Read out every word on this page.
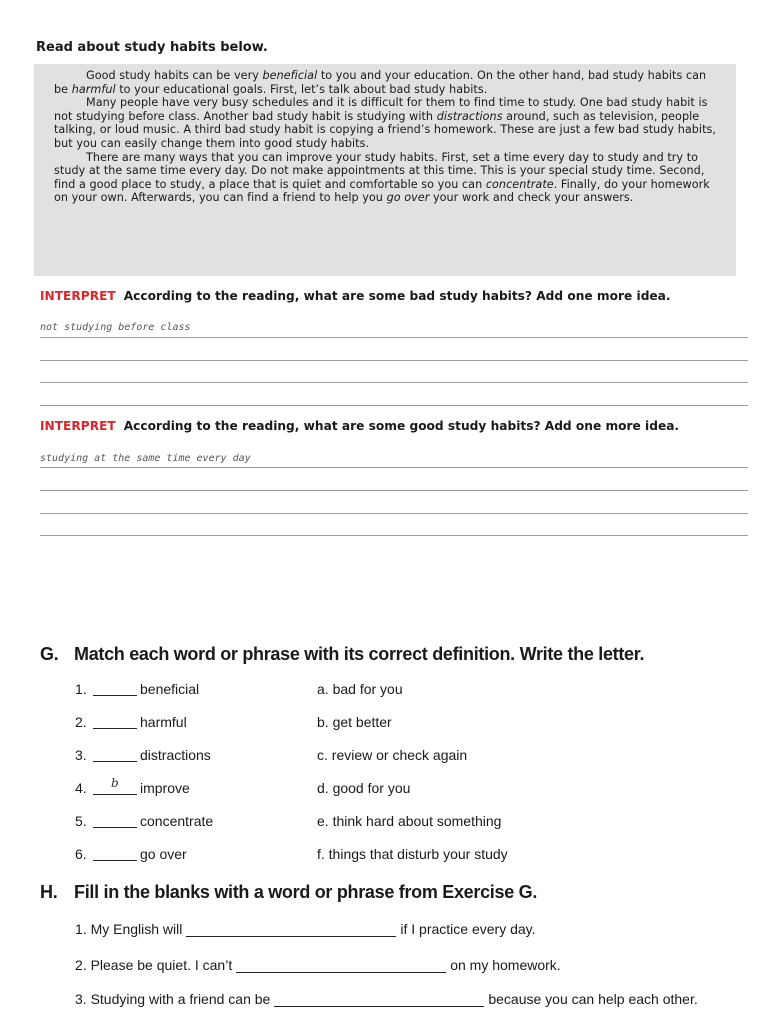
Read about study habits below.

Good study habits can be very beneficial to you and your education. On the other hand, bad study habits can be harmful to your educational goals. First, let’s talk about bad study habits.

Many people have very busy schedules and it is difficult for them to find time to study. One bad study habit is not studying before class. Another bad study habit is studying with distractions around, such as television, people talking, or loud music. A third bad study habit is copying a friend’s homework. These are just a few bad study habits, but you can easily change them into good study habits.

There are many ways that you can improve your study habits. First, set a time every day to study and try to study at the same time every day. Do not make appointments at this time. This is your special study time. Second, find a good place to study, a place that is quiet and comfortable so you can concentrate. Finally, do your homework on your own. Afterwards, you can find a friend to help you go over your work and check your answers.

INTERPRET According to the reading, what are some bad study habits? Add one more idea.
not studying before class
INTERPRET According to the reading, what are some good study habits? Add one more idea.
studying at the same time every day
G. Match each word or phrase with its correct definition. Write the letter.
1.	beneficial	a. bad for you
2.	harmful	b. get better
3.	distractions	c. review or check again
4. b improve	d. good for you
5.	concentrate	e. think hard about something
6.	go over	f. things that disturb your study
H. Fill in the blanks with a word or phrase from Exercise G.
1. My English will	if I practice every day.
2. Please be quiet. I can’t	on my homework.
3. Studying with a friend can be	because you can help each other.
